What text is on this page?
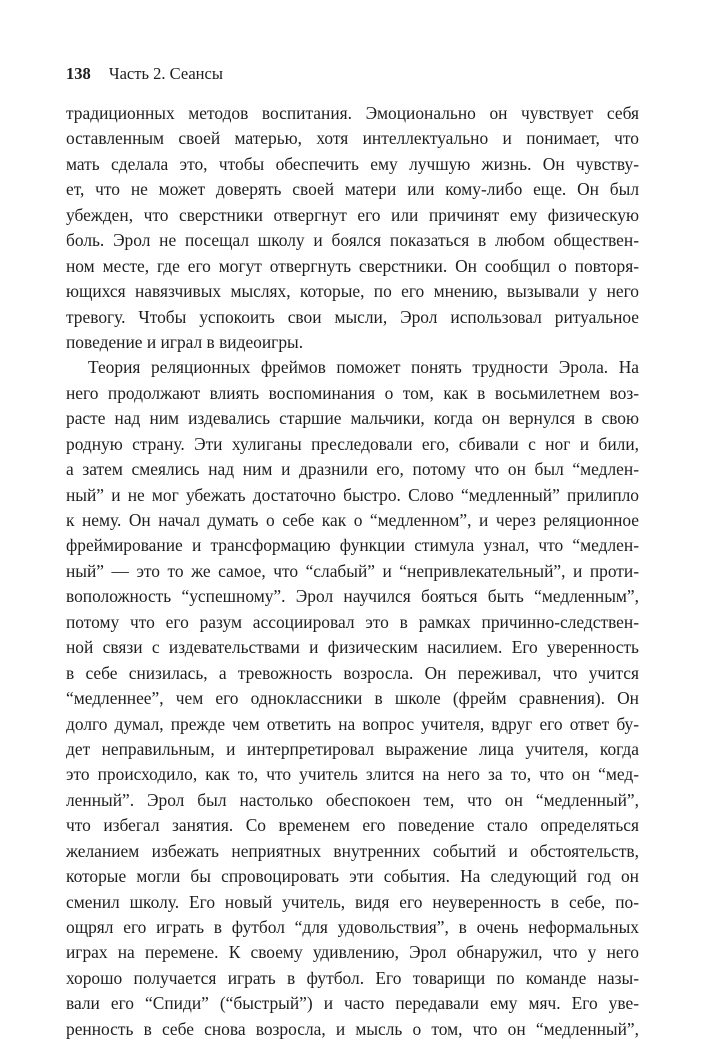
138 Часть 2. Сеансы
традиционных методов воспитания. Эмоционально он чувствует себя
оставленным своей матерью, хотя интеллектуально и понимает, что
мать сделала это, чтобы обеспечить ему лучшую жизнь. Он чувству-
ет, что не может доверять своей матери или кому-либо еще. Он был
убежден, что сверстники отвергнут его или причинят ему физическую
боль. Эрол не посещал школу и боялся показаться в любом обществен-
ном месте, где его могут отвергнуть сверстники. Он сообщил о повторя-
ющихся навязчивых мыслях, которые, по его мнению, вызывали у него
тревогу. Чтобы успокоить свои мысли, Эрол использовал ритуальное
поведение и играл в видеоигры.
Теория реляционных фреймов поможет понять трудности Эрола. На
него продолжают влиять воспоминания о том, как в восьмилетнем воз-
расте над ним издевались старшие мальчики, когда он вернулся в свою
родную страну. Эти хулиганы преследовали его, сбивали с ног и били,
а затем смеялись над ним и дразнили его, потому что он был “медлен-
ный” и не мог убежать достаточно быстро. Слово “медленный” прилипло
к нему. Он начал думать о себе как о “медленном”, и через реляционное
фреймирование и трансформацию функции стимула узнал, что “медлен-
ный” — это то же самое, что “слабый” и “непривлекательный”, и проти-
воположность “успешному”. Эрол научился бояться быть “медленным”,
потому что его разум ассоциировал это в рамках причинно-следствен-
ной связи с издевательствами и физическим насилием. Его уверенность
в себе снизилась, а тревожность возросла. Он переживал, что учится
“медленнее”, чем его одноклассники в школе (фрейм сравнения). Он
долго думал, прежде чем ответить на вопрос учителя, вдруг его ответ бу-
дет неправильным, и интерпретировал выражение лица учителя, когда
это происходило, как то, что учитель злится на него за то, что он “мед-
ленный”. Эрол был настолько обеспокоен тем, что он “медленный”,
что избегал занятия. Со временем его поведение стало определяться
желанием избежать неприятных внутренних событий и обстоятельств,
которые могли бы спровоцировать эти события. На следующий год он
сменил школу. Его новый учитель, видя его неуверенность в себе, по-
ощрял его играть в футбол “для удовольствия”, в очень неформальных
играх на перемене. К своему удивлению, Эрол обнаружил, что у него
хорошо получается играть в футбол. Его товарищи по команде назы-
вали его “Спиди” (“быстрый”) и часто передавали ему мяч. Его уве-
ренность в себе снова возросла, и мысль о том, что он “медленный”,
